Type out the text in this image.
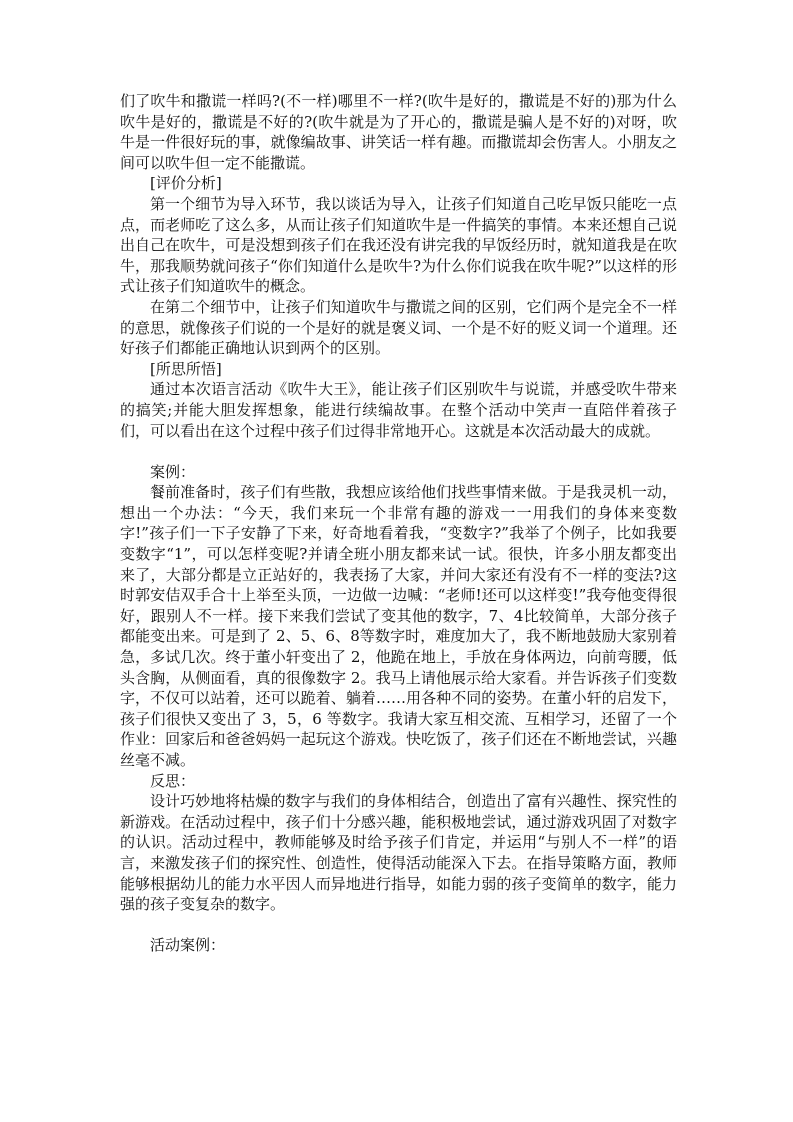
们了吹牛和撒谎一样吗?(不一样)哪里不一样?(吹牛是好的，撒谎是不好的)那为什么吹牛是好的，撒谎是不好的?(吹牛就是为了开心的，撒谎是骗人是不好的)对呀，吹牛是一件很好玩的事，就像编故事、讲笑话一样有趣。而撒谎却会伤害人。小朋友之间可以吹牛但一定不能撒谎。

[评价分析]

第一个细节为导入环节，我以谈话为导入，让孩子们知道自己吃早饭只能吃一点点，而老师吃了这么多，从而让孩子们知道吹牛是一件搞笑的事情。本来还想自己说出自己在吹牛，可是没想到孩子们在我还没有讲完我的早饭经历时，就知道我是在吹牛，那我顺势就问孩子“你们知道什么是吹牛?为什么你们说我在吹牛呢?”以这样的形式让孩子们知道吹牛的概念。

在第二个细节中，让孩子们知道吹牛与撒谎之间的区别，它们两个是完全不一样的意思，就像孩子们说的一个是好的就是褒义词、一个是不好的贬义词一个道理。还好孩子们都能正确地认识到两个的区别。

[所思所悟]

通过本次语言活动《吹牛大王》，能让孩子们区别吹牛与说谎，并感受吹牛带来的搞笑;并能大胆发挥想象，能进行续编故事。在整个活动中笑声一直陪伴着孩子们，可以看出在这个过程中孩子们过得非常地开心。这就是本次活动最大的成就。

案例：

餐前准备时，孩子们有些散，我想应该给他们找些事情来做。于是我灵机一动，想出一个办法：“今天，我们来玩一个非常有趣的游戏一一用我们的身体来变数字!”孩子们一下子安静了下来，好奇地看着我，“变数字?”我举了个例子，比如我要变数字“1”，可以怎样变呢?并请全班小朋友都来试一试。很快，许多小朋友都变出来了，大部分都是立正站好的，我表扬了大家，并问大家还有没有不一样的变法?这时郭安佶双手合十上举至头顶，一边做一边喊：“老师!还可以这样变!”我夸他变得很好，跟别人不一样。接下来我们尝试了变其他的数字，7、4比较简单，大部分孩子都能变出来。可是到了 2、5、6、8等数字时，难度加大了，我不断地鼓励大家别着急，多试几次。终于董小轩变出了 2，他跪在地上，手放在身体两边，向前弯腰，低头含胸，从侧面看，真的很像数字 2。我马上请他展示给大家看。并告诉孩子们变数字，不仅可以站着，还可以跪着、躺着……用各种不同的姿势。在董小轩的启发下，孩子们很快又变出了 3，5，6 等数字。我请大家互相交流、互相学习，还留了一个作业：回家后和爸爸妈妈一起玩这个游戏。快吃饭了，孩子们还在不断地尝试，兴趣丝毫不减。

反思：

设计巧妙地将枯燥的数字与我们的身体相结合，创造出了富有兴趣性、探究性的新游戏。在活动过程中，孩子们十分感兴趣，能积极地尝试，通过游戏巩固了对数字的认识。活动过程中，教师能够及时给予孩子们肯定，并运用“与别人不一样”的语言，来激发孩子们的探究性、创造性，使得活动能深入下去。在指导策略方面，教师能够根据幼儿的能力水平因人而异地进行指导，如能力弱的孩子变简单的数字，能力强的孩子变复杂的数字。

活动案例：
